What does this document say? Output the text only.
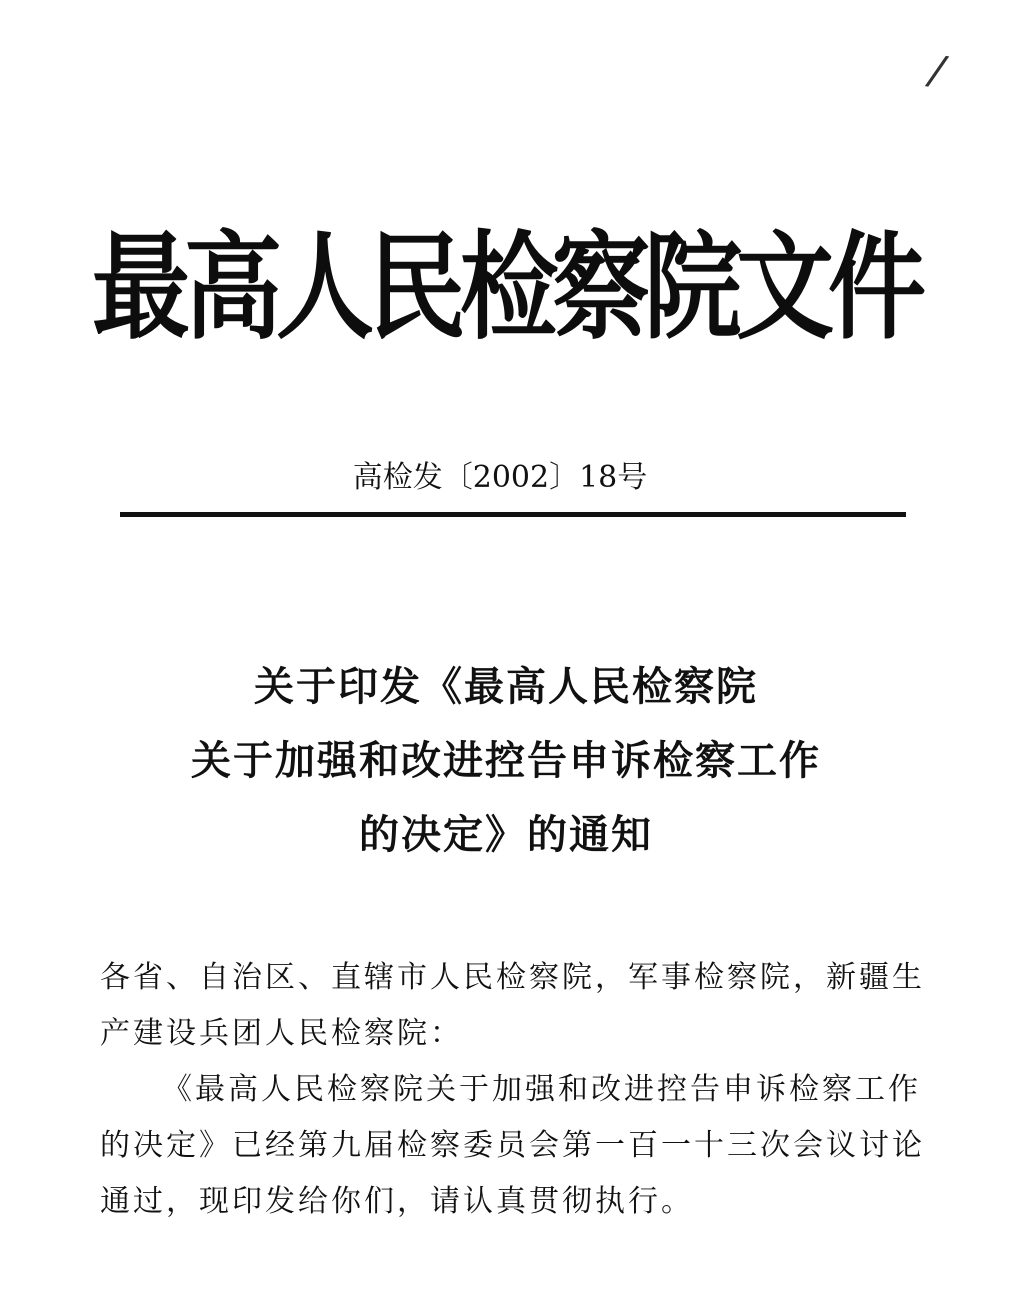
/
最高人民检察院文件
高检发〔2002〕18号
关于印发《最高人民检察院
关于加强和改进控告申诉检察工作
的决定》的通知
各省、自治区、直辖市人民检察院，军事检察院，新疆生
产建设兵团人民检察院：
《最高人民检察院关于加强和改进控告申诉检察工作
的决定》已经第九届检察委员会第一百一十三次会议讨论
通过，现印发给你们，请认真贯彻执行。
